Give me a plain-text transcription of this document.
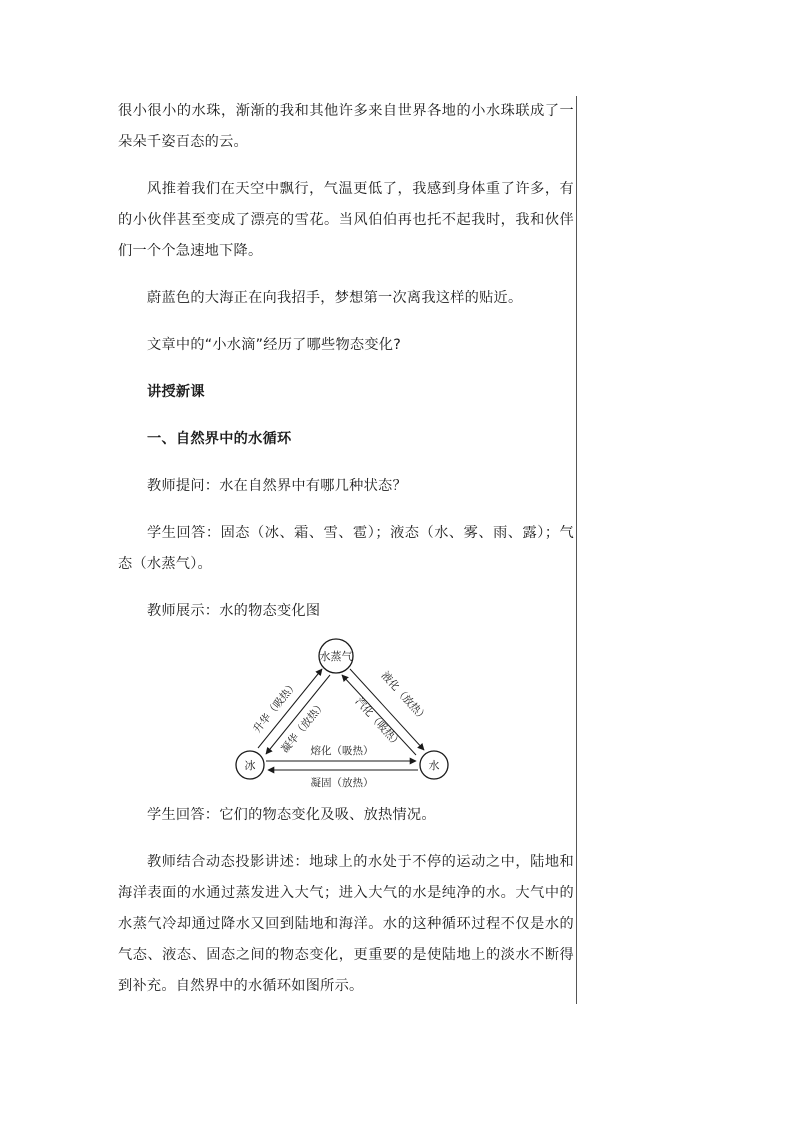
很小很小的水珠，渐渐的我和其他许多来自世界各地的小水珠联成了一朵朵千姿百态的云。

风推着我们在天空中飘行，气温更低了，我感到身体重了许多，有的小伙伴甚至变成了漂亮的雪花。当风伯伯再也托不起我时，我和伙伴们一个个急速地下降。

蔚蓝色的大海正在向我招手，梦想第一次离我这样的贴近。

文章中的“小水滴”经历了哪些物态变化?

讲授新课

一、自然界中的水循环

教师提问：水在自然界中有哪几种状态？

学生回答：固态（冰、霜、雪、雹）；液态（水、雾、雨、露）；气态（水蒸气）。

教师展示：水的物态变化图

水蒸气
冰	水
升华（吸热）
凝华（放热）
液化（放热）
汽化（吸热）
熔化（吸热）
凝固（放热）

学生回答：它们的物态变化及吸、放热情况。

教师结合动态投影讲述：地球上的水处于不停的运动之中，陆地和海洋表面的水通过蒸发进入大气；进入大气的水是纯净的水。大气中的水蒸气冷却通过降水又回到陆地和海洋。水的这种循环过程不仅是水的气态、液态、固态之间的物态变化，更重要的是使陆地上的淡水不断得到补充。自然界中的水循环如图所示。
